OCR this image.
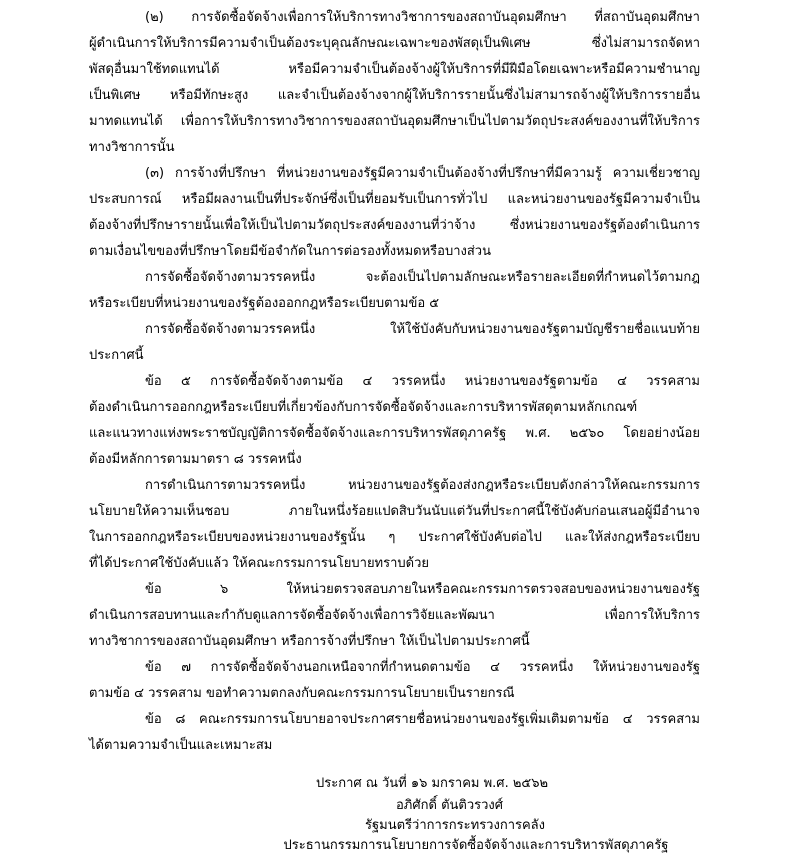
(๒) การจัดซื้อจัดจ้างเพื่อการให้บริการทางวิชาการของสถาบันอุดมศึกษา ที่สถาบันอุดมศึกษา
ผู้ดำเนินการให้บริการมีความจำเป็นต้องระบุคุณลักษณะเฉพาะของพัสดุเป็นพิเศษ ซึ่งไม่สามารถจัดหา
พัสดุอื่นมาใช้ทดแทนได้ หรือมีความจำเป็นต้องจ้างผู้ให้บริการที่มีฝีมือโดยเฉพาะหรือมีความชำนาญ
เป็นพิเศษ หรือมีทักษะสูง และจำเป็นต้องจ้างจากผู้ให้บริการรายนั้นซึ่งไม่สามารถจ้างผู้ให้บริการรายอื่น
มาทดแทนได้ เพื่อการให้บริการทางวิชาการของสถาบันอุดมศึกษาเป็นไปตามวัตถุประสงค์ของงานที่ให้บริการ
ทางวิชาการนั้น
(๓) การจ้างที่ปรึกษา ที่หน่วยงานของรัฐมีความจำเป็นต้องจ้างที่ปรึกษาที่มีความรู้ ความเชี่ยวชาญ
ประสบการณ์ หรือมีผลงานเป็นที่ประจักษ์ซึ่งเป็นที่ยอมรับเป็นการทั่วไป และหน่วยงานของรัฐมีความจำเป็น
ต้องจ้างที่ปรึกษารายนั้นเพื่อให้เป็นไปตามวัตถุประสงค์ของงานที่ว่าจ้าง ซึ่งหน่วยงานของรัฐต้องดำเนินการ
ตามเงื่อนไขของที่ปรึกษาโดยมีข้อจำกัดในการต่อรองทั้งหมดหรือบางส่วน
การจัดซื้อจัดจ้างตามวรรคหนึ่ง จะต้องเป็นไปตามลักษณะหรือรายละเอียดที่กำหนดไว้ตามกฎ
หรือระเบียบที่หน่วยงานของรัฐต้องออกกฎหรือระเบียบตามข้อ ๕
การจัดซื้อจัดจ้างตามวรรคหนึ่ง ให้ใช้บังคับกับหน่วยงานของรัฐตามบัญชีรายชื่อแนบท้าย
ประกาศนี้
ข้อ ๕ การจัดซื้อจัดจ้างตามข้อ ๔ วรรคหนึ่ง หน่วยงานของรัฐตามข้อ ๔ วรรคสาม
ต้องดำเนินการออกกฎหรือระเบียบที่เกี่ยวข้องกับการจัดซื้อจัดจ้างและการบริหารพัสดุตามหลักเกณฑ์
และแนวทางแห่งพระราชบัญญัติการจัดซื้อจัดจ้างและการบริหารพัสดุภาครัฐ พ.ศ. ๒๕๖๐ โดยอย่างน้อย
ต้องมีหลักการตามมาตรา ๘ วรรคหนึ่ง
การดำเนินการตามวรรคหนึ่ง หน่วยงานของรัฐต้องส่งกฎหรือระเบียบดังกล่าวให้คณะกรรมการ
นโยบายให้ความเห็นชอบ ภายในหนึ่งร้อยแปดสิบวันนับแต่วันที่ประกาศนี้ใช้บังคับก่อนเสนอผู้มีอำนาจ
ในการออกกฎหรือระเบียบของหน่วยงานของรัฐนั้น ๆ ประกาศใช้บังคับต่อไป และให้ส่งกฎหรือระเบียบ
ที่ได้ประกาศใช้บังคับแล้ว ให้คณะกรรมการนโยบายทราบด้วย
ข้อ ๖ ให้หน่วยตรวจสอบภายในหรือคณะกรรมการตรวจสอบของหน่วยงานของรัฐ
ดำเนินการสอบทานและกำกับดูแลการจัดซื้อจัดจ้างเพื่อการวิจัยและพัฒนา เพื่อการให้บริการ
ทางวิชาการของสถาบันอุดมศึกษา หรือการจ้างที่ปรึกษา ให้เป็นไปตามประกาศนี้
ข้อ ๗ การจัดซื้อจัดจ้างนอกเหนือจากที่กำหนดตามข้อ ๔ วรรคหนึ่ง ให้หน่วยงานของรัฐ
ตามข้อ ๔ วรรคสาม ขอทำความตกลงกับคณะกรรมการนโยบายเป็นรายกรณี
ข้อ ๘ คณะกรรมการนโยบายอาจประกาศรายชื่อหน่วยงานของรัฐเพิ่มเติมตามข้อ ๔ วรรคสาม
ได้ตามความจำเป็นและเหมาะสม
ประกาศ ณ วันที่ ๑๖ มกราคม พ.ศ. ๒๕๖๒
อภิศักดิ์ ตันติวรวงศ์
รัฐมนตรีว่าการกระทรวงการคลัง
ประธานกรรมการนโยบายการจัดซื้อจัดจ้างและการบริหารพัสดุภาครัฐ
